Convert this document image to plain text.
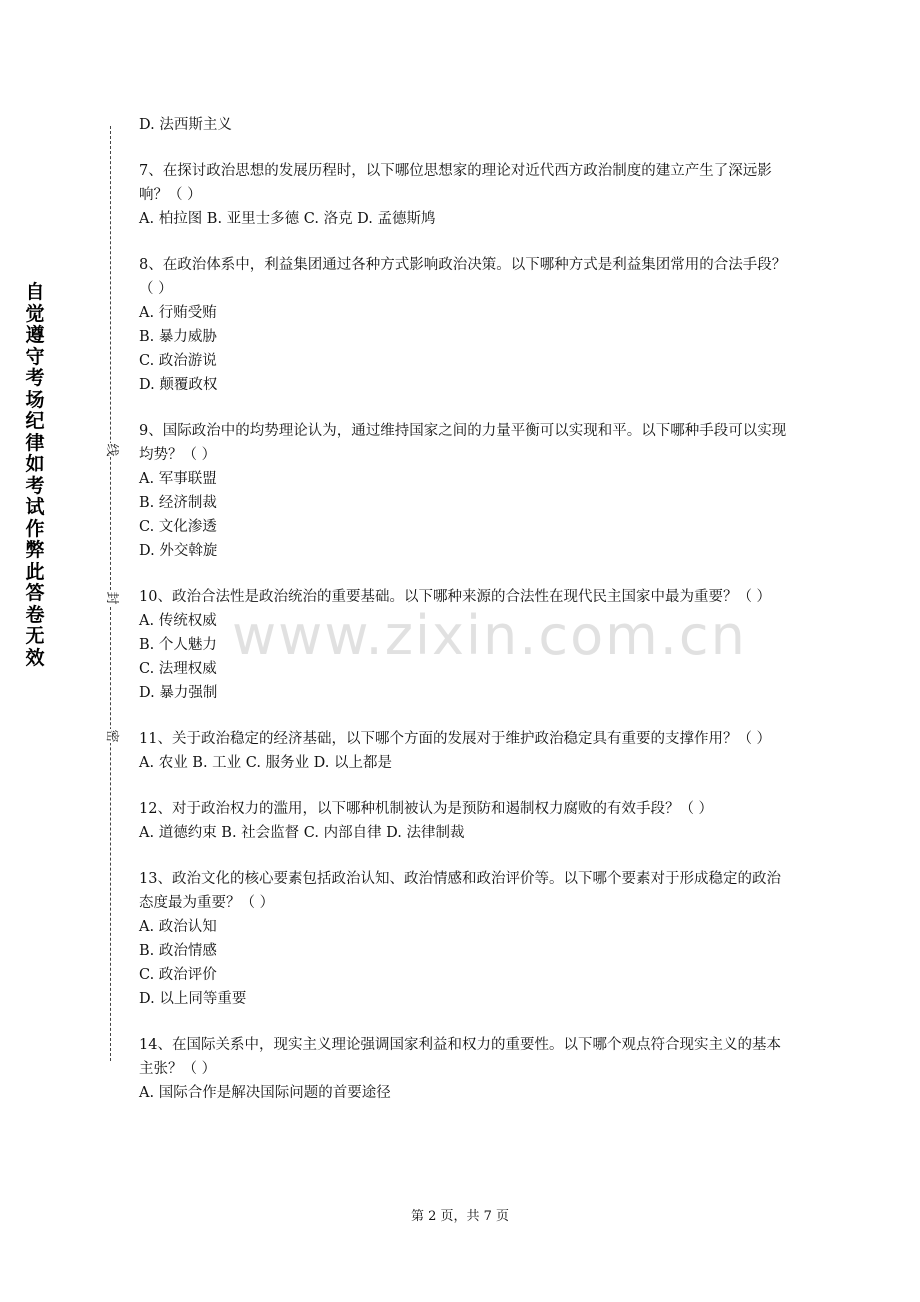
自觉遵守考场纪律如考试作弊此答卷无效
线
封
密
www.zixin.com.cn

D. 法西斯主义

7、在探讨政治思想的发展历程时，以下哪位思想家的理论对近代西方政治制度的建立产生了深远影响？（ ）

A. 柏拉图 B. 亚里士多德 C. 洛克 D. 孟德斯鸠

8、在政治体系中，利益集团通过各种方式影响政治决策。以下哪种方式是利益集团常用的合法手段？（ ）

A. 行贿受贿

B. 暴力威胁

C. 政治游说

D. 颠覆政权

9、国际政治中的均势理论认为，通过维持国家之间的力量平衡可以实现和平。以下哪种手段可以实现均势？（ ）

A. 军事联盟

B. 经济制裁

C. 文化渗透

D. 外交斡旋

10、政治合法性是政治统治的重要基础。以下哪种来源的合法性在现代民主国家中最为重要？（ ）

A. 传统权威

B. 个人魅力

C. 法理权威

D. 暴力强制

11、关于政治稳定的经济基础，以下哪个方面的发展对于维护政治稳定具有重要的支撑作用？（ ）

A. 农业 B. 工业 C. 服务业 D. 以上都是

12、对于政治权力的滥用，以下哪种机制被认为是预防和遏制权力腐败的有效手段？（ ）

A. 道德约束 B. 社会监督 C. 内部自律 D. 法律制裁

13、政治文化的核心要素包括政治认知、政治情感和政治评价等。以下哪个要素对于形成稳定的政治态度最为重要？（ ）

A. 政治认知

B. 政治情感

C. 政治评价

D. 以上同等重要

14、在国际关系中，现实主义理论强调国家利益和权力的重要性。以下哪个观点符合现实主义的基本主张？（ ）

A. 国际合作是解决国际问题的首要途径

第 2 页，共 7 页
